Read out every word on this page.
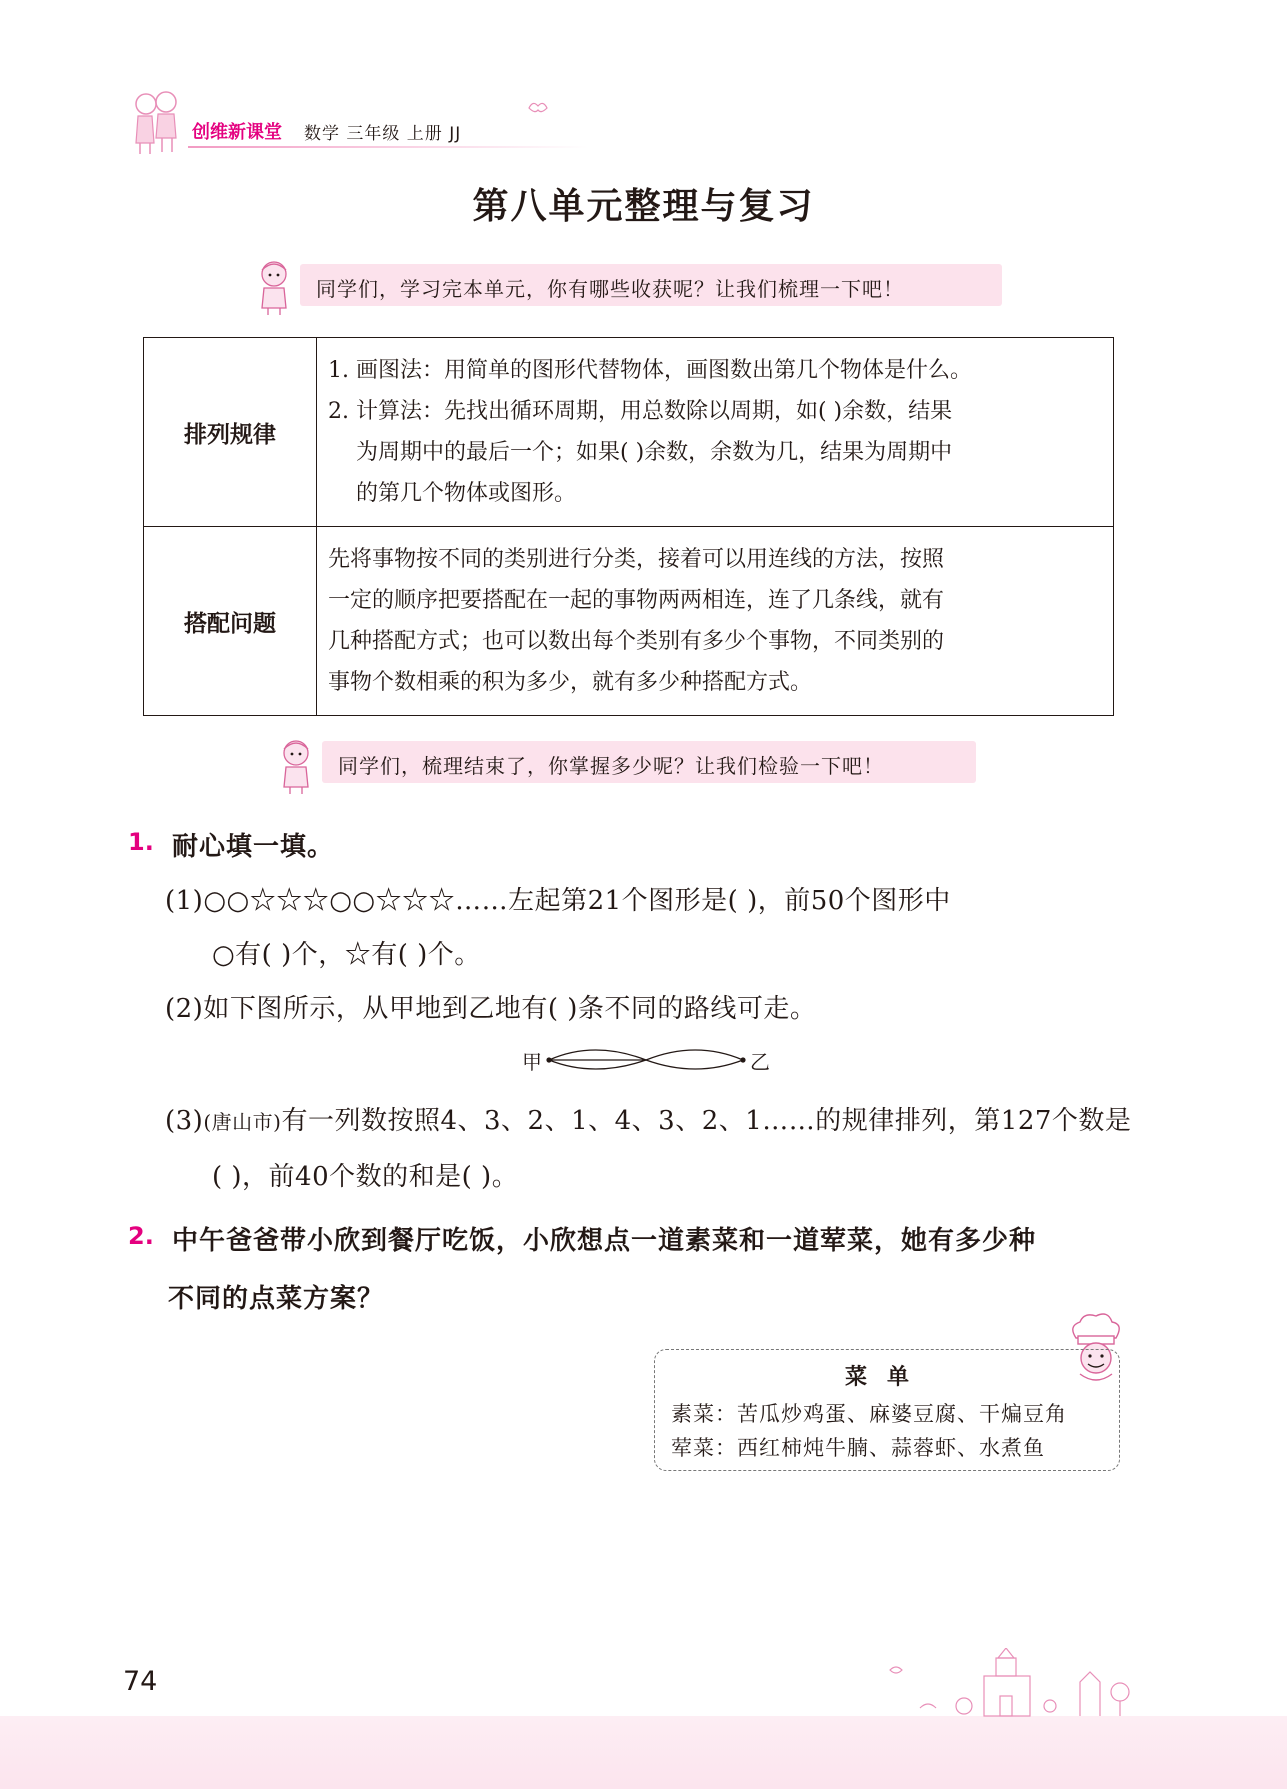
创维新课堂 数学 三年级 上册 JJ
第八单元整理与复习
同学们，学习完本单元，你有哪些收获呢？让我们梳理一下吧！
排列规律	1. 画图法：用简单的图形代替物体，画图数出第几个物体是什么。
2. 计算法：先找出循环周期，用总数除以周期，如( )余数，结果
为周期中的最后一个；如果( )余数，余数为几，结果为周期中
的第几个物体或图形。

搭配问题	先将事物按不同的类别进行分类，接着可以用连线的方法，按照
一定的顺序把要搭配在一起的事物两两相连，连了几条线，就有
几种搭配方式；也可以数出每个类别有多少个事物，不同类别的
事物个数相乘的积为多少，就有多少种搭配方式。
同学们，梳理结束了，你掌握多少呢？让我们检验一下吧！
1. 耐心填一填。
(1)○○☆☆☆○○☆☆☆……左起第21个图形是( )，前50个图形中
○有( )个，☆有( )个。
(2)如下图所示，从甲地到乙地有( )条不同的路线可走。
甲	乙
(3)(唐山市)有一列数按照4、3、2、1、4、3、2、1……的规律排列，第127个数是
( )，前40个数的和是( )。
2. 中午爸爸带小欣到餐厅吃饭，小欣想点一道素菜和一道荤菜，她有多少种
不同的点菜方案？
菜单
素菜：苦瓜炒鸡蛋、麻婆豆腐、干煸豆角
荤菜：西红柿炖牛腩、蒜蓉虾、水煮鱼
74
